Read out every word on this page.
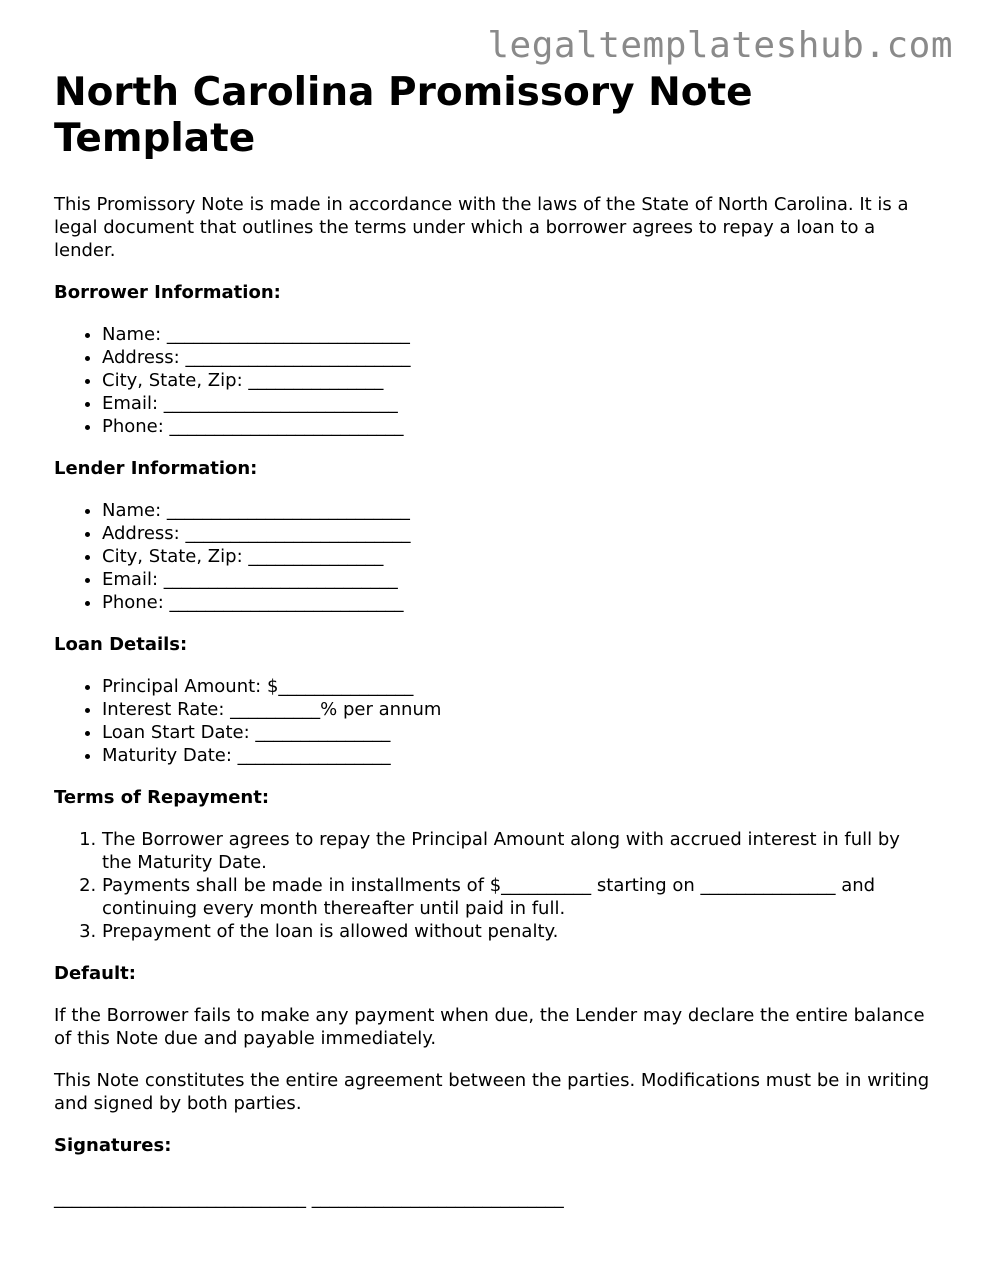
legaltemplateshub.com
North Carolina Promissory Note Template

This Promissory Note is made in accordance with the laws of the State of North Carolina. It is a legal document that outlines the terms under which a borrower agrees to repay a loan to a lender.

Borrower Information:
• Name: ___________________________
• Address: _________________________
• City, State, Zip: _______________
• Email: __________________________
• Phone: __________________________
Lender Information:
• Name: ___________________________
• Address: _________________________
• City, State, Zip: _______________
• Email: __________________________
• Phone: __________________________
Loan Details:
• Principal Amount: $_______________
• Interest Rate: __________% per annum
• Loan Start Date: _______________
• Maturity Date: _________________
Terms of Repayment:
1. The Borrower agrees to repay the Principal Amount along with accrued interest in full by the Maturity Date.
2. Payments shall be made in installments of $__________ starting on _______________ and continuing every month thereafter until paid in full.
3. Prepayment of the loan is allowed without penalty.
Default:

If the Borrower fails to make any payment when due, the Lender may declare the entire balance of this Note due and payable immediately.

This Note constitutes the entire agreement between the parties. Modifications must be in writing and signed by both parties.

Signatures:
____________________________ ____________________________
